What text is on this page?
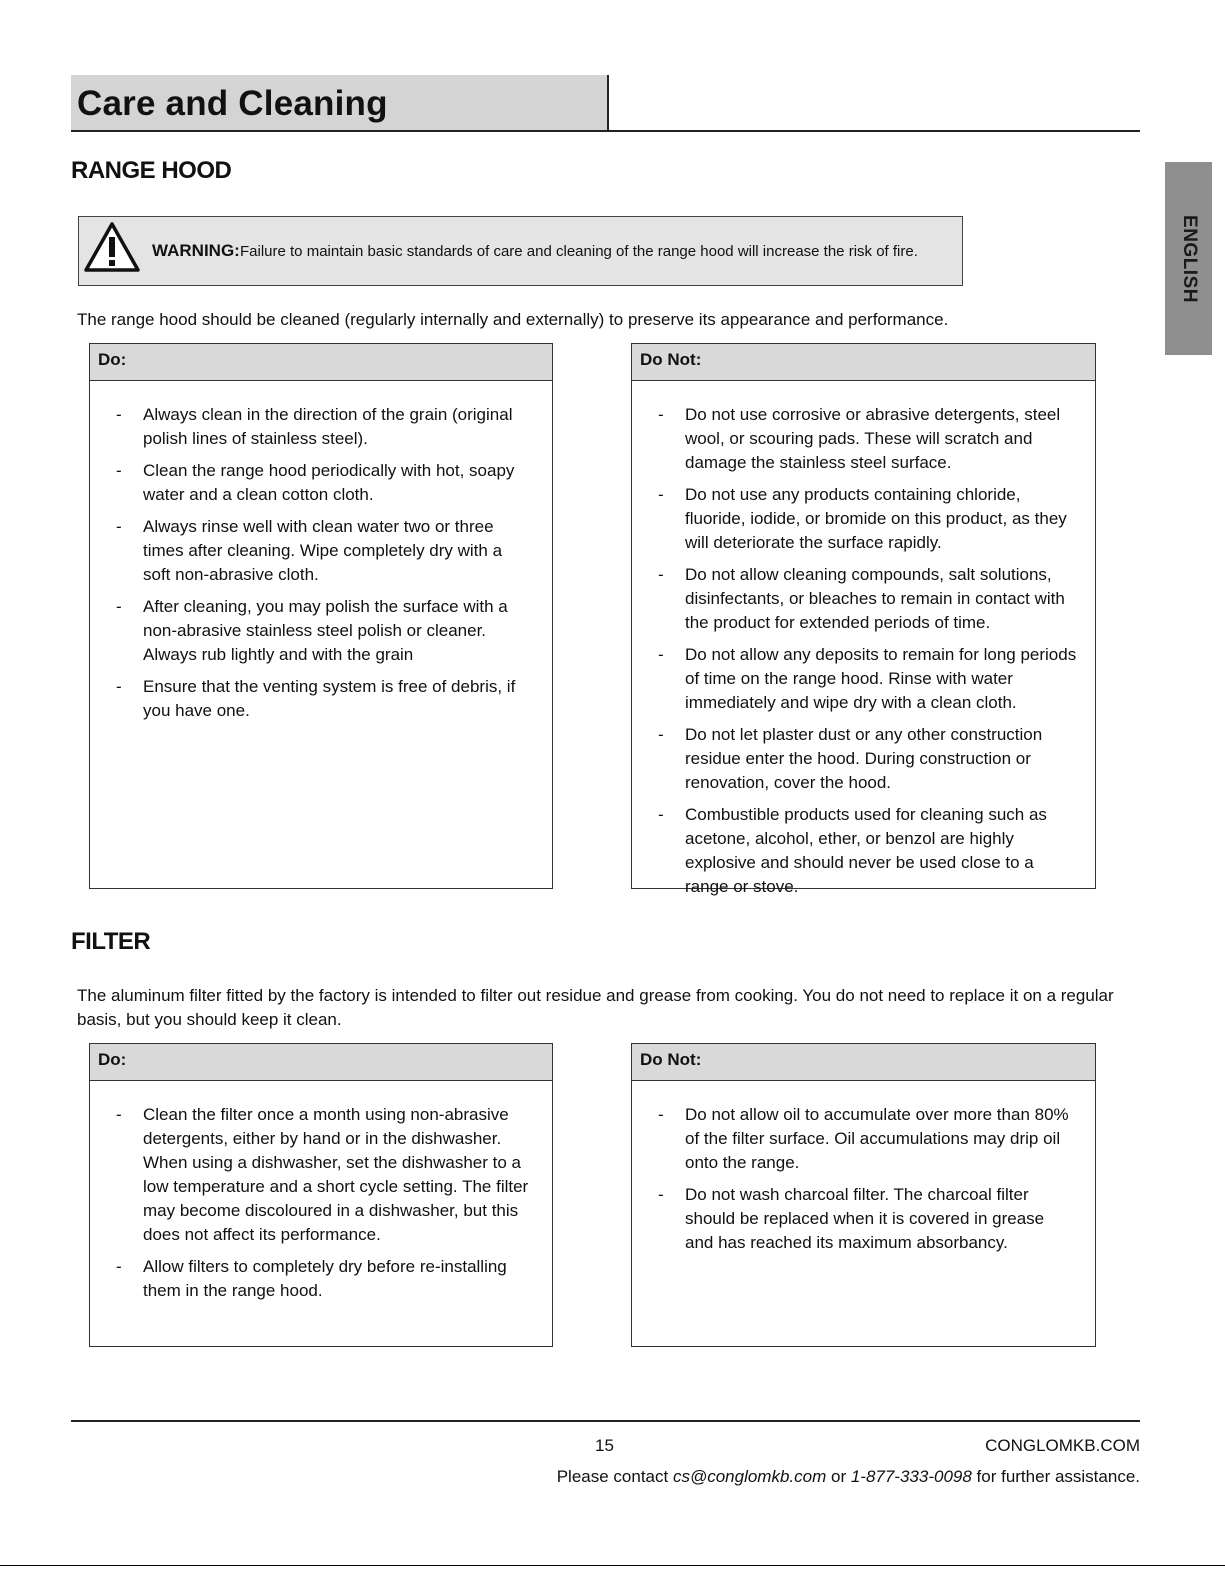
Care and Cleaning
ENGLISH
RANGE HOOD
WARNING: Failure to maintain basic standards of care and cleaning of the range hood will increase the risk of fire.
The range hood should be cleaned (regularly internally and externally) to preserve its appearance and performance.
Do:
- Always clean in the direction of the grain (original polish lines of stainless steel).
- Clean the range hood periodically with hot, soapy water and a clean cotton cloth.
- Always rinse well with clean water two or three times after cleaning. Wipe completely dry with a soft non-abrasive cloth.
- After cleaning, you may polish the surface with a non-abrasive stainless steel polish or cleaner. Always rub lightly and with the grain
- Ensure that the venting system is free of debris, if you have one.
Do Not:
- Do not use corrosive or abrasive detergents, steel wool, or scouring pads. These will scratch and damage the stainless steel surface.
- Do not use any products containing chloride, fluoride, iodide, or bromide on this product, as they will deteriorate the surface rapidly.
- Do not allow cleaning compounds, salt solutions, disinfectants, or bleaches to remain in contact with the product for extended periods of time.
- Do not allow any deposits to remain for long periods of time on the range hood. Rinse with water immediately and wipe dry with a clean cloth.
- Do not let plaster dust or any other construction residue enter the hood. During construction or renovation, cover the hood.
- Combustible products used for cleaning such as acetone, alcohol, ether, or benzol are highly explosive and should never be used close to a range or stove.
FILTER
The aluminum filter fitted by the factory is intended to filter out residue and grease from cooking. You do not need to replace it on a regular basis, but you should keep it clean.
Do:
- Clean the filter once a month using non-abrasive detergents, either by hand or in the dishwasher. When using a dishwasher, set the dishwasher to a low temperature and a short cycle setting. The filter may become discoloured in a dishwasher, but this does not affect its performance.
- Allow filters to completely dry before re-installing them in the range hood.
Do Not:
- Do not allow oil to accumulate over more than 80% of the filter surface. Oil accumulations may drip oil onto the range.
- Do not wash charcoal filter. The charcoal filter should be replaced when it is covered in grease and has reached its maximum absorbancy.
15	CONGLOMKB.COM
Please contact cs@conglomkb.com or 1-877-333-0098 for further assistance.
